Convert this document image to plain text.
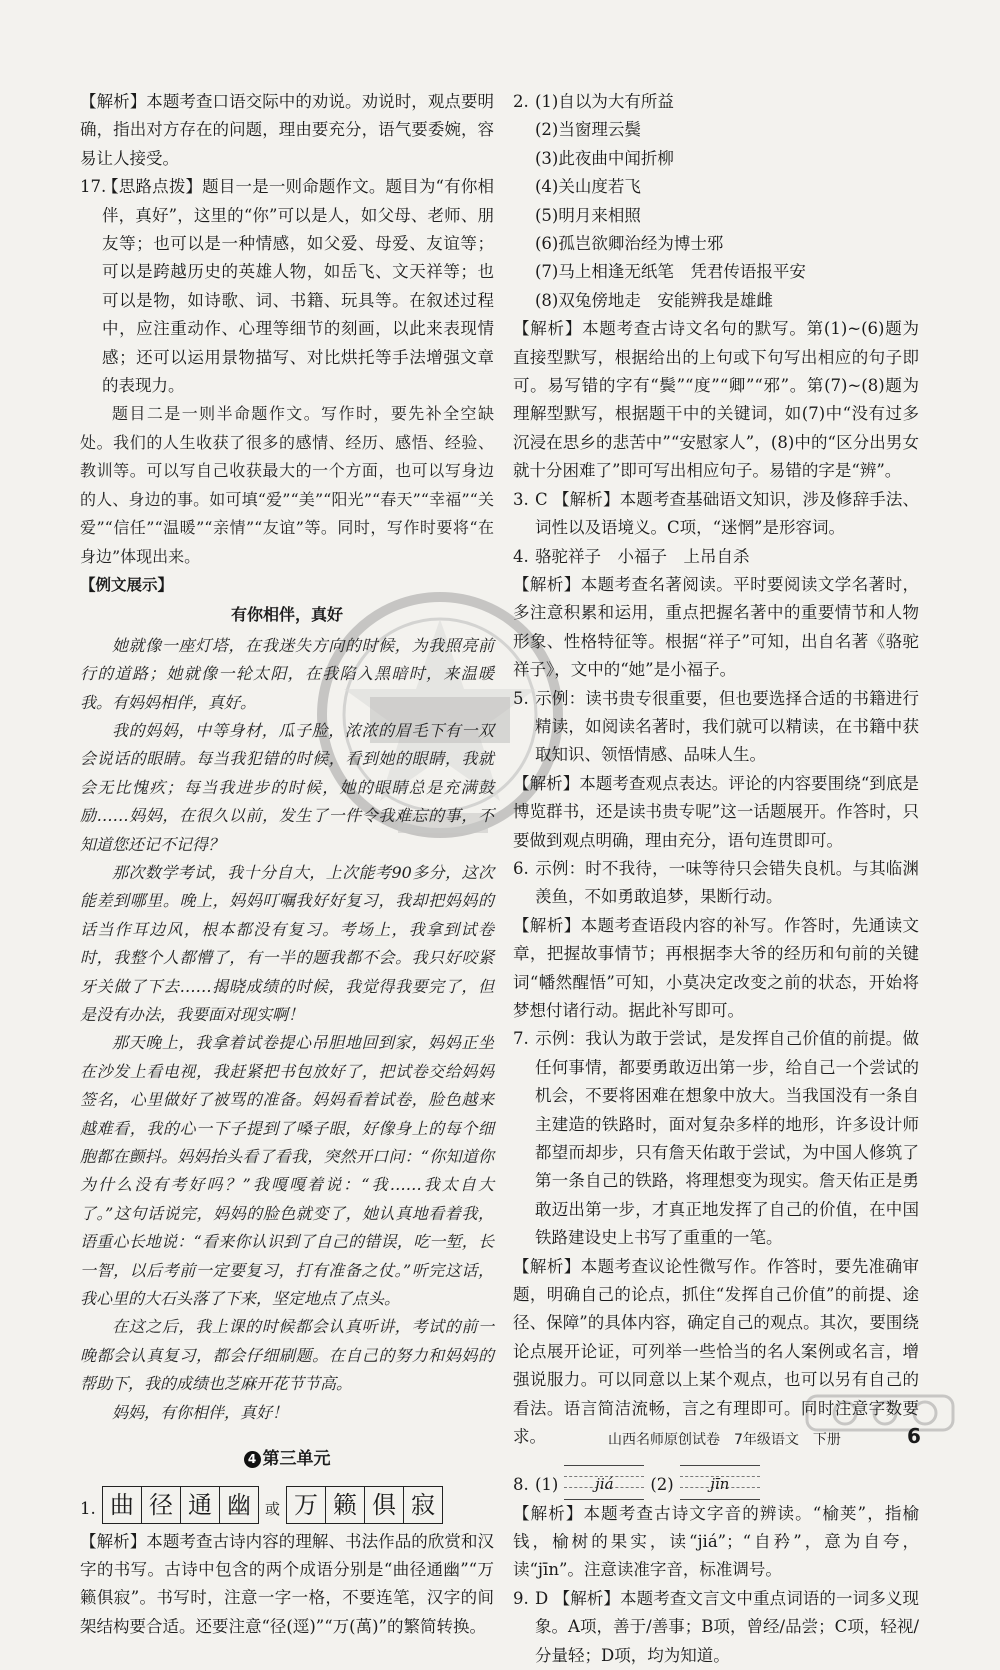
【解析】本题考查口语交际中的劝说。劝说时，观点要明确，指出对方存在的问题，理由要充分，语气要委婉，容易让人接受。

17.【思路点拨】题目一是一则命题作文。题目为“有你相伴，真好”，这里的“你”可以是人，如父母、老师、朋友等；也可以是一种情感，如父爱、母爱、友谊等；可以是跨越历史的英雄人物，如岳飞、文天祥等；也可以是物，如诗歌、词、书籍、玩具等。在叙述过程中，应注重动作、心理等细节的刻画，以此来表现情感；还可以运用景物描写、对比烘托等手法增强文章的表现力。

题目二是一则半命题作文。写作时，要先补全空缺处。我们的人生收获了很多的感情、经历、感悟、经验、教训等。可以写自己收获最大的一个方面，也可以写身边的人、身边的事。如可填“爱”“美”“阳光”“春天”“幸福”“关爱”“信任”“温暖”“亲情”“友谊”等。同时，写作时要将“在身边”体现出来。

【例文展示】

有你相伴，真好

她就像一座灯塔，在我迷失方向的时候，为我照亮前行的道路；她就像一轮太阳，在我陷入黑暗时，来温暖我。有妈妈相伴，真好。

我的妈妈，中等身材，瓜子脸，浓浓的眉毛下有一双会说话的眼睛。每当我犯错的时候，看到她的眼睛，我就会无比愧疚；每当我进步的时候，她的眼睛总是充满鼓励……妈妈，在很久以前，发生了一件令我难忘的事，不知道您还记不记得？

那次数学考试，我十分自大，上次能考90多分，这次能差到哪里。晚上，妈妈叮嘱我好好复习，我却把妈妈的话当作耳边风，根本都没有复习。考场上，我拿到试卷时，我整个人都懵了，有一半的题我都不会。我只好咬紧牙关做了下去……揭晓成绩的时候，我觉得我要完了，但是没有办法，我要面对现实啊！

那天晚上，我拿着试卷提心吊胆地回到家，妈妈正坐在沙发上看电视，我赶紧把书包放好了，把试卷交给妈妈签名，心里做好了被骂的准备。妈妈看着试卷，脸色越来越难看，我的心一下子提到了嗓子眼，好像身上的每个细胞都在颤抖。妈妈抬头看了看我，突然开口问：“你知道你为什么没有考好吗？”我嘎嘎着说：“我……我太自大了。”这句话说完，妈妈的脸色就变了，她认真地看着我，语重心长地说：“看来你认识到了自己的错误，吃一堑，长一智，以后考前一定要复习，打有准备之仗。”听完这话，我心里的大石头落了下来，坚定地点了点头。

在这之后，我上课的时候都会认真听讲，考试的前一晚都会认真复习，都会仔细刷题。在自己的努力和妈妈的帮助下，我的成绩也芝麻开花节节高。

妈妈，有你相伴，真好！

4 第三单元
1. 曲 径 通 幽 或 万 籁 俱 寂

【解析】本题考查古诗内容的理解、书法作品的欣赏和汉字的书写。古诗中包含的两个成语分别是“曲径通幽”“万籁俱寂”。书写时，注意一字一格，不要连笔，汉字的间架结构要合适。还要注意“径(逕)”“万(萬)”的繁简转换。

2. (1)自以为大有所益

(2)当窗理云鬓

(3)此夜曲中闻折柳

(4)关山度若飞

(5)明月来相照

(6)孤岂欲卿治经为博士邪

(7)马上相逢无纸笔　凭君传语报平安

(8)双兔傍地走　安能辨我是雄雌

【解析】本题考查古诗文名句的默写。第(1)~(6)题为直接型默写，根据给出的上句或下句写出相应的句子即可。易写错的字有“鬓”“度”“卿”“邪”。第(7)~(8)题为理解型默写，根据题干中的关键词，如(7)中“没有过多沉浸在思乡的悲苦中”“安慰家人”，(8)中的“区分出男女就十分困难了”即可写出相应句子。易错的字是“辨”。

3. C 【解析】本题考查基础语文知识，涉及修辞手法、词性以及语境义。C项，“迷惘”是形容词。

4. 骆驼祥子　小福子　上吊自杀

【解析】本题考查名著阅读。平时要阅读文学名著时，多注意积累和运用，重点把握名著中的重要情节和人物形象、性格特征等。根据“祥子”可知，出自名著《骆驼祥子》，文中的“她”是小福子。

5. 示例：读书贵专很重要，但也要选择合适的书籍进行精读，如阅读名著时，我们就可以精读，在书籍中获取知识、领悟情感、品味人生。

【解析】本题考查观点表达。评论的内容要围绕“到底是博览群书，还是读书贵专呢”这一话题展开。作答时，只要做到观点明确，理由充分，语句连贯即可。

6. 示例：时不我待，一味等待只会错失良机。与其临渊羡鱼，不如勇敢追梦，果断行动。

【解析】本题考查语段内容的补写。作答时，先通读文章，把握故事情节；再根据李大爷的经历和句前的关键词“幡然醒悟”可知，小莫决定改变之前的状态，开始将梦想付诸行动。据此补写即可。

7. 示例：我认为敢于尝试，是发挥自己价值的前提。做任何事情，都要勇敢迈出第一步，给自己一个尝试的机会，不要将困难在想象中放大。当我国没有一条自主建造的铁路时，面对复杂多样的地形，许多设计师都望而却步，只有詹天佑敢于尝试，为中国人修筑了第一条自己的铁路，将理想变为现实。詹天佑正是勇敢迈出第一步，才真正地发挥了自己的价值，在中国铁路建设史上书写了重重的一笔。

【解析】本题考查议论性微写作。作答时，要先准确审题，明确自己的论点，抓住“发挥自己价值”的前提、途径、保障”的具体内容，确定自己的观点。其次，要围绕论点展开论证，可列举一些恰当的名人案例或名言，增强说服力。可以同意以上某个观点，也可以另有自己的看法。语言简洁流畅，言之有理即可。同时注意字数要求。

8. (1)	jiá	(2)	jīn

【解析】本题考查古诗文字音的辨读。“榆荚”，指榆钱，榆树的果实，读“jiá”；“自矜”，意为自夸，读“jīn”。注意读准字音，标准调号。

9. D 【解析】本题考查文言文中重点词语的一词多义现象。A项，善于/善事；B项，曾经/品尝；C项，轻视/分量轻；D项，均为知道。

山西名师原创试卷　7年级语文　下册	6
